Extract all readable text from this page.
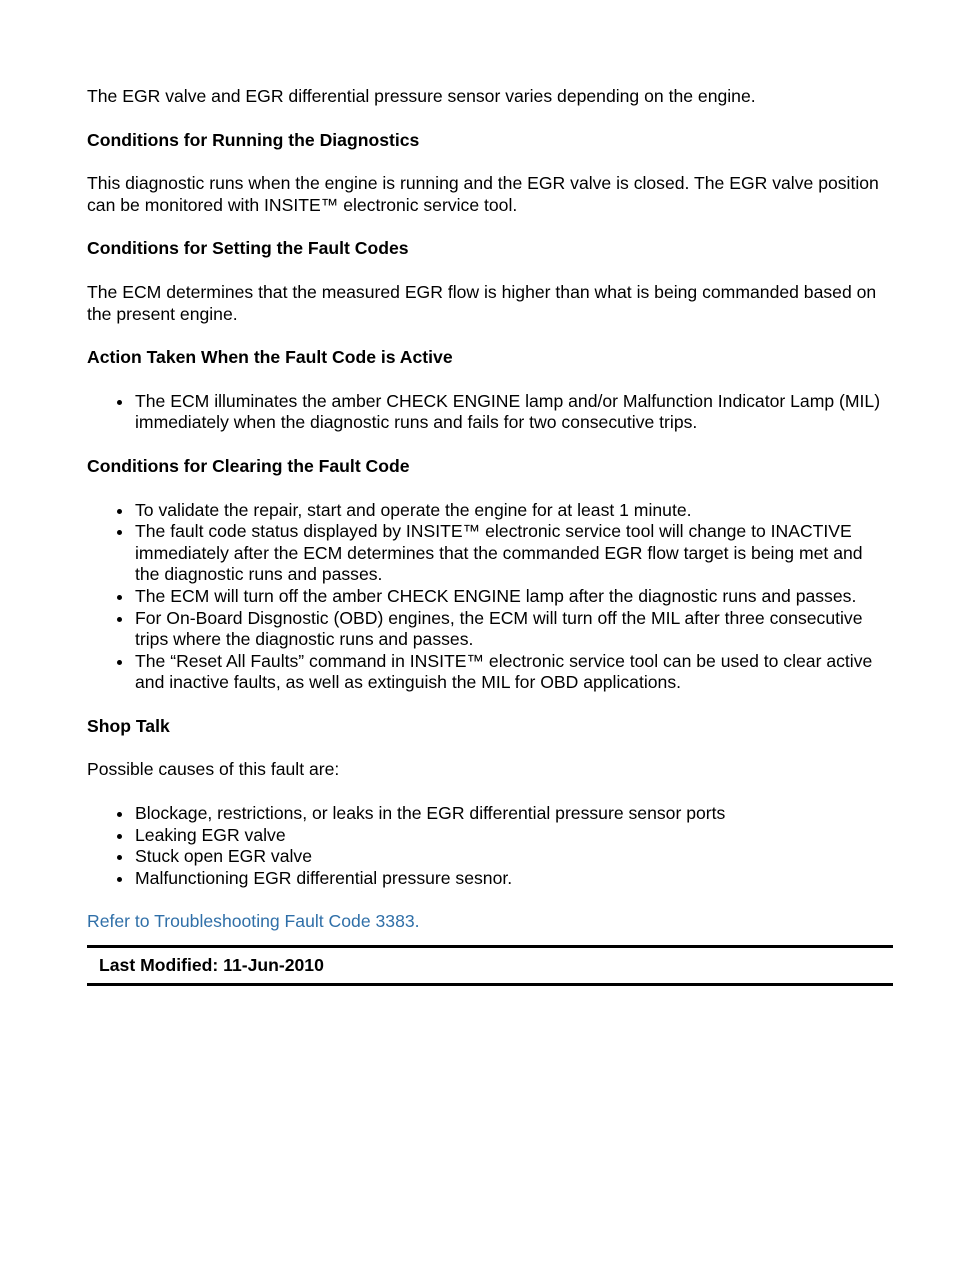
The EGR valve and EGR differential pressure sensor varies depending on the engine.

Conditions for Running the Diagnostics

This diagnostic runs when the engine is running and the EGR valve is closed. The EGR valve position can be monitored with INSITE™ electronic service tool.

Conditions for Setting the Fault Codes

The ECM determines that the measured EGR flow is higher than what is being commanded based on the present engine.

Action Taken When the Fault Code is Active
The ECM illuminates the amber CHECK ENGINE lamp and/or Malfunction Indicator Lamp (MIL) immediately when the diagnostic runs and fails for two consecutive trips.
Conditions for Clearing the Fault Code
To validate the repair, start and operate the engine for at least 1 minute.
The fault code status displayed by INSITE™ electronic service tool will change to INACTIVE immediately after the ECM determines that the commanded EGR flow target is being met and the diagnostic runs and passes.
The ECM will turn off the amber CHECK ENGINE lamp after the diagnostic runs and passes.
For On-Board Disgnostic (OBD) engines, the ECM will turn off the MIL after three consecutive trips where the diagnostic runs and passes.
The “Reset All Faults” command in INSITE™ electronic service tool can be used to clear active and inactive faults, as well as extinguish the MIL for OBD applications.
Shop Talk

Possible causes of this fault are:

Blockage, restrictions, or leaks in the EGR differential pressure sensor ports
Leaking EGR valve
Stuck open EGR valve
Malfunctioning EGR differential pressure sesnor.
Refer to Troubleshooting Fault Code 3383.
Last Modified: 11-Jun-2010
